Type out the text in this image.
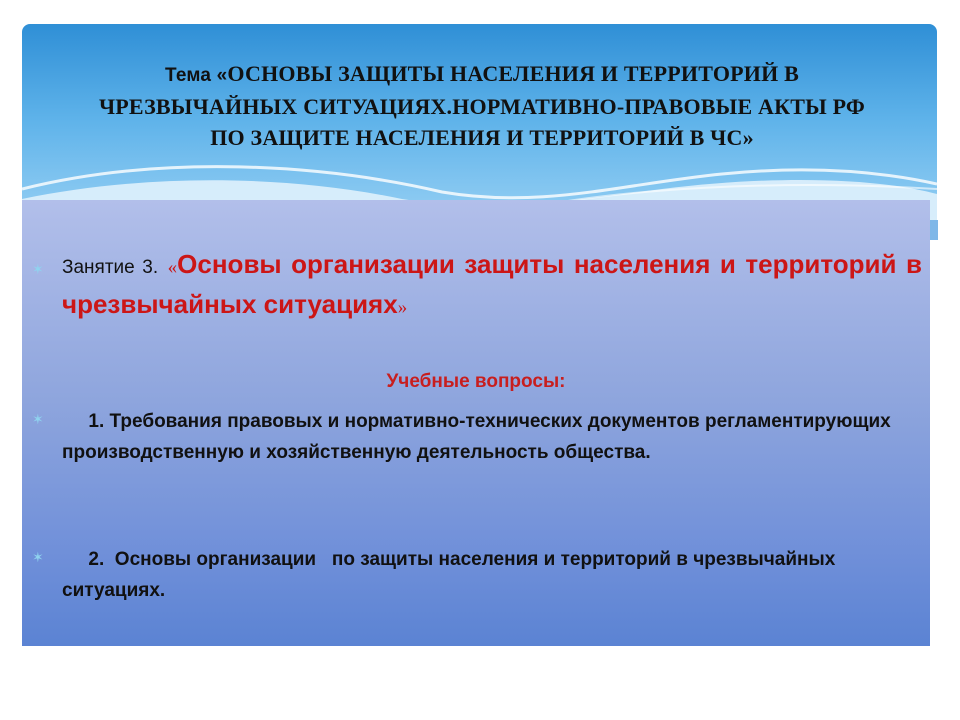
Тема «ОСНОВЫ ЗАЩИТЫ НАСЕЛЕНИЯ И ТЕРРИТОРИЙ В ЧРЕЗВЫЧАЙНЫХ СИТУАЦИЯХ.НОРМАТИВНО-ПРАВОВЫЕ АКТЫ РФ ПО ЗАЩИТЕ НАСЕЛЕНИЯ И ТЕРРИТОРИЙ В ЧС»
✶ Занятие 3. «Основы организации защиты населения и территорий в чрезвычайных ситуациях»
Учебные вопросы:
✶ 1. Требования правовых и нормативно-технических документов регламентирующих  производственную и хозяйственную деятельность общества.
✶ 2.  Основы организации   по защиты населения и территорий в чрезвычайных ситуациях.
